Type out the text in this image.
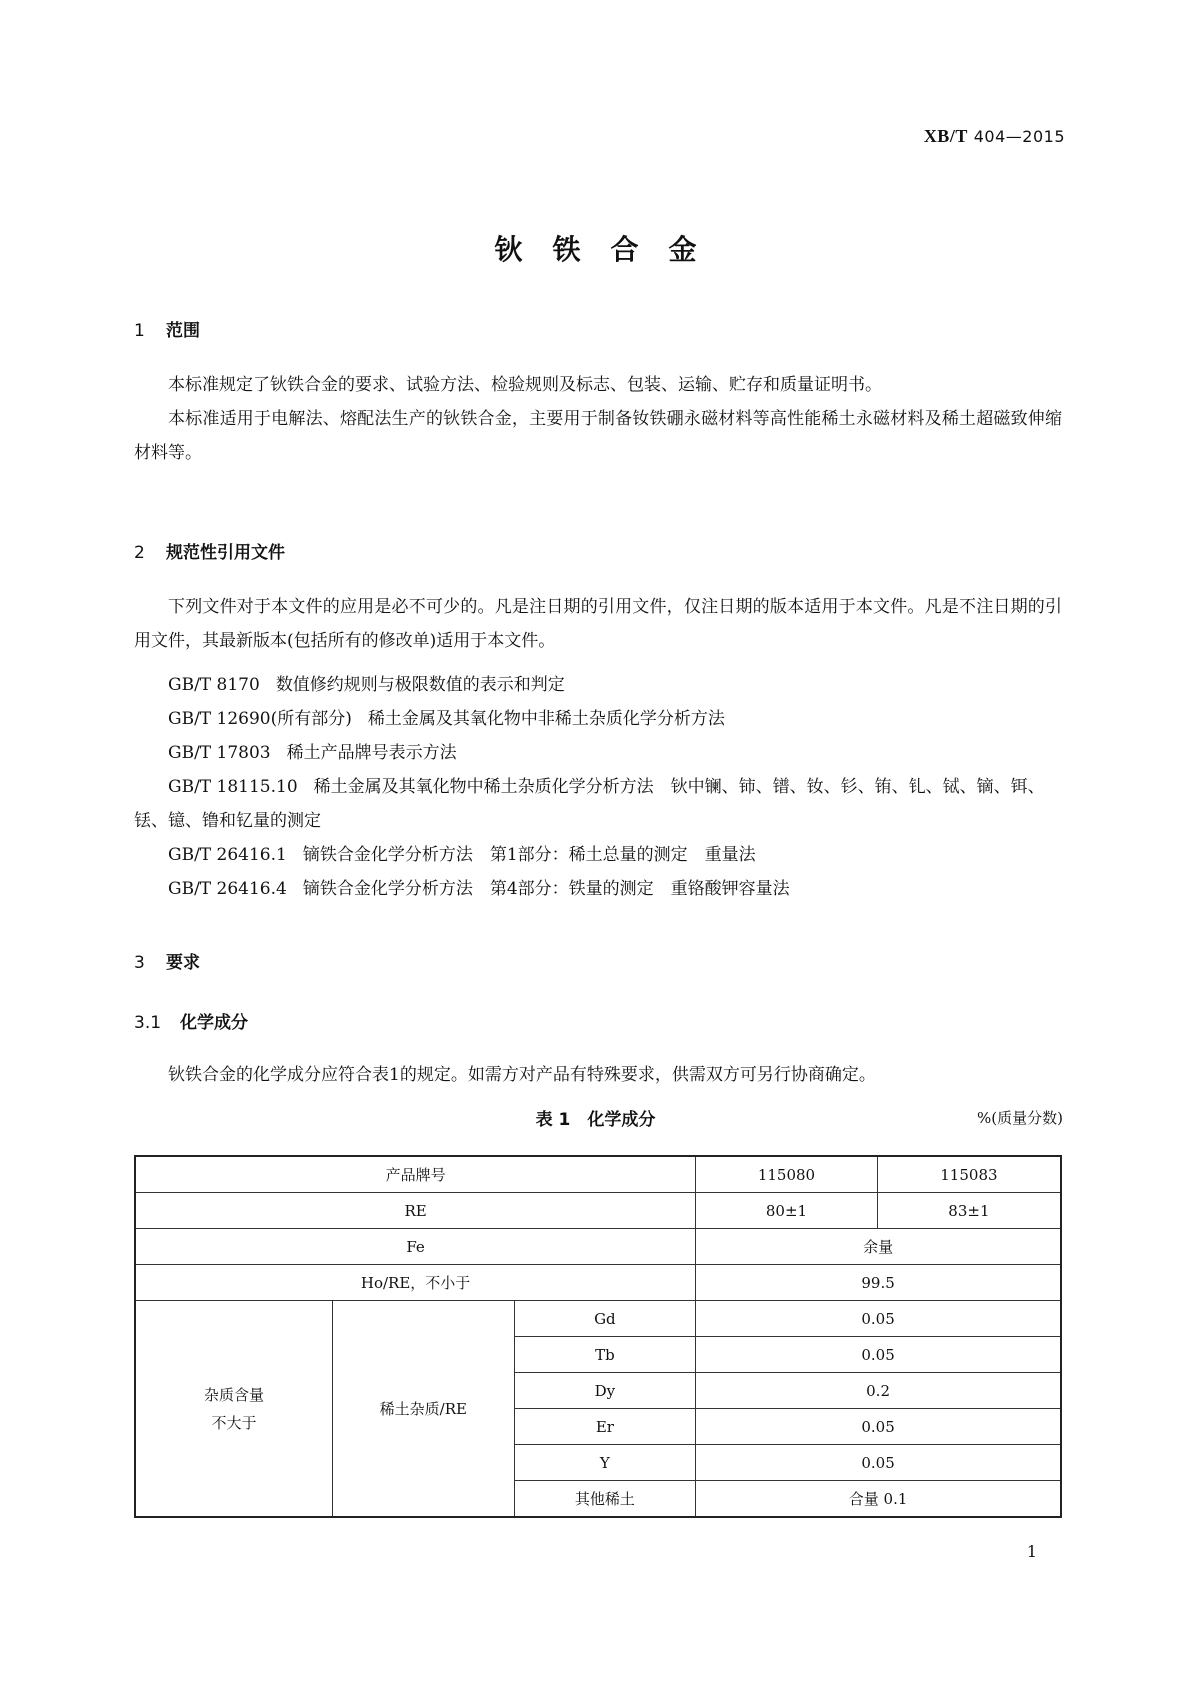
XB/T 404—2015
钬铁合金
1 范围
本标准规定了钬铁合金的要求、试验方法、检验规则及标志、包装、运输、贮存和质量证明书。
本标准适用于电解法、熔配法生产的钬铁合金，主要用于制备钕铁硼永磁材料等高性能稀土永磁材料及稀土超磁致伸缩材料等。
2 规范性引用文件
下列文件对于本文件的应用是必不可少的。凡是注日期的引用文件，仅注日期的版本适用于本文件。凡是不注日期的引用文件，其最新版本(包括所有的修改单)适用于本文件。
GB/T 8170 数值修约规则与极限数值的表示和判定
GB/T 12690(所有部分) 稀土金属及其氧化物中非稀土杂质化学分析方法
GB/T 17803 稀土产品牌号表示方法
GB/T 18115.10 稀土金属及其氧化物中稀土杂质化学分析方法　钬中镧、铈、镨、钕、钐、铕、钆、铽、镝、铒、铥、镱、镥和钇量的测定
GB/T 26416.1 镝铁合金化学分析方法　第1部分：稀土总量的测定　重量法
GB/T 26416.4 镝铁合金化学分析方法　第4部分：铁量的测定　重铬酸钾容量法
3 要求
3.1 化学成分
钬铁合金的化学成分应符合表1的规定。如需方对产品有特殊要求，供需双方可另行协商确定。
表 1　化学成分	%(质量分数)
产品牌号			115080	115083
RE			80±1	83±1
Fe			余量	
Ho/RE，不小于			99.5	
杂质含量
不大于	稀土杂质/RE	Gd	0.05	
		Tb	0.05	
		Dy	0.2	
		Er	0.05	
		Y	0.05	
		其他稀土	合量 0.1	
1
